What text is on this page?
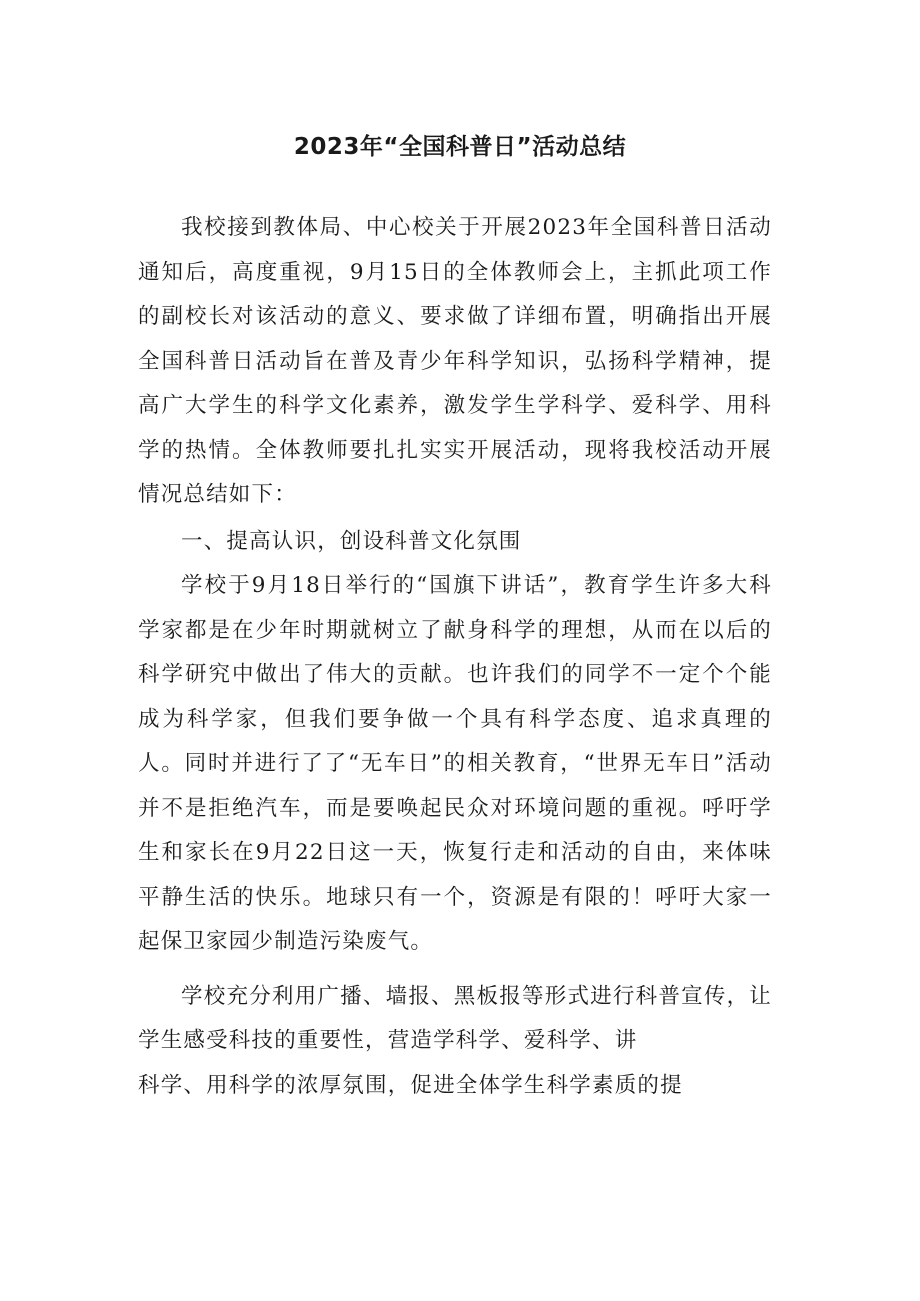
2023年“全国科普日”活动总结

我校接到教体局、中心校关于开展2023年全国科普日活动通知后，高度重视，9月15日的全体教师会上，主抓此项工作的副校长对该活动的意义、要求做了详细布置，明确指出开展全国科普日活动旨在普及青少年科学知识，弘扬科学精神，提高广大学生的科学文化素养，激发学生学科学、爱科学、用科学的热情。全体教师要扎扎实实开展活动，现将我校活动开展情况总结如下：

一、提高认识，创设科普文化氛围

学校于9月18日举行的“国旗下讲话”，教育学生许多大科学家都是在少年时期就树立了献身科学的理想，从而在以后的科学研究中做出了伟大的贡献。也许我们的同学不一定个个能成为科学家，但我们要争做一个具有科学态度、追求真理的人。同时并进行了了“无车日”的相关教育，“世界无车日”活动并不是拒绝汽车，而是要唤起民众对环境问题的重视。呼吁学生和家长在9月22日这一天，恢复行走和活动的自由，来体味平静生活的快乐。地球只有一个，资源是有限的！呼吁大家一起保卫家园少制造污染废气。

学校充分利用广播、墙报、黑板报等形式进行科普宣传，让学生感受科技的重要性，营造学科学、爱科学、讲

科学、用科学的浓厚氛围，促进全体学生科学素质的提
